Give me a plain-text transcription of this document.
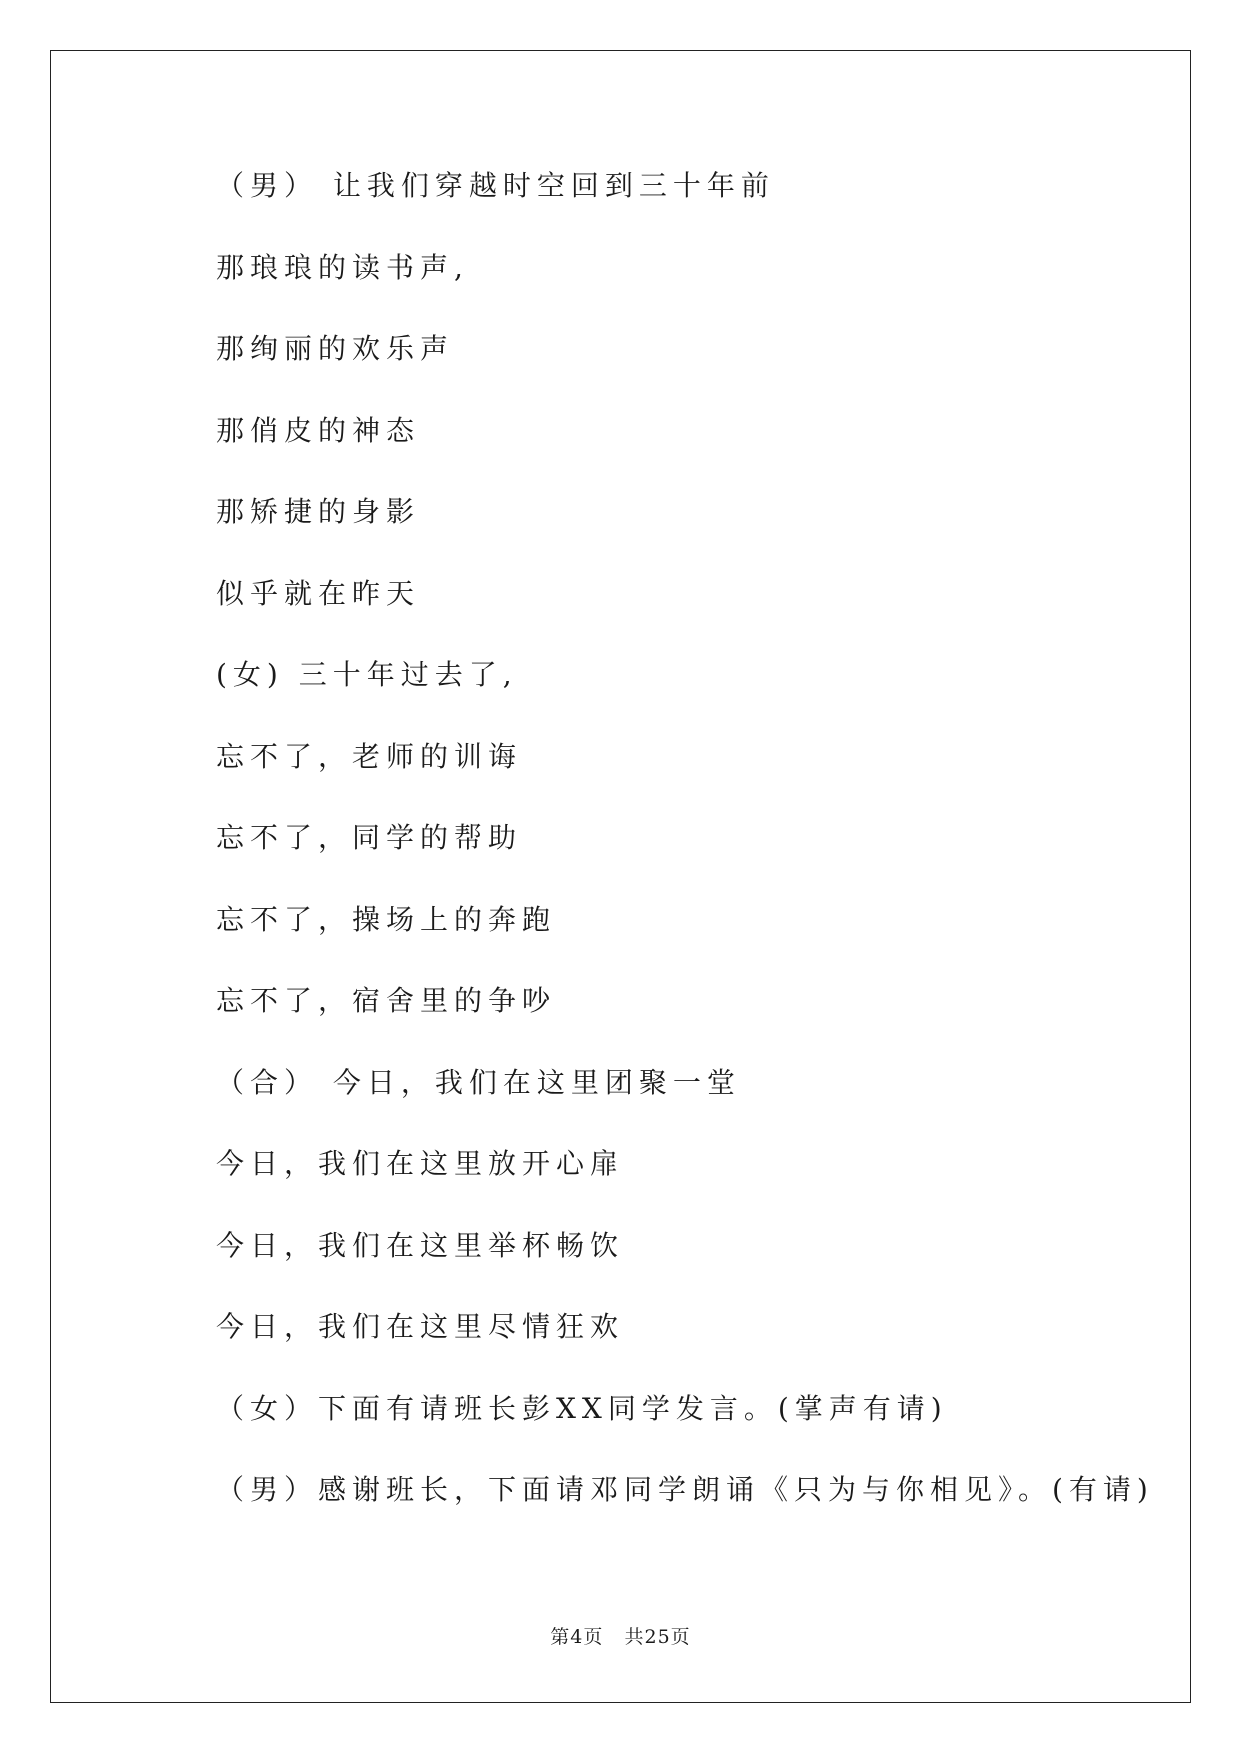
（男） 让我们穿越时空回到三十年前
那琅琅的读书声,
那绚丽的欢乐声
那俏皮的神态
那矫捷的身影
似乎就在昨天
(女) 三十年过去了,
忘不了，老师的训诲
忘不了，同学的帮助
忘不了，操场上的奔跑
忘不了，宿舍里的争吵
（合） 今日，我们在这里团聚一堂
今日，我们在这里放开心扉
今日，我们在这里举杯畅饮
今日，我们在这里尽情狂欢
（女）下面有请班长彭XX同学发言。(掌声有请)
（男）感谢班长，下面请邓同学朗诵《只为与你相见》。(有请)
第4页   共25页
